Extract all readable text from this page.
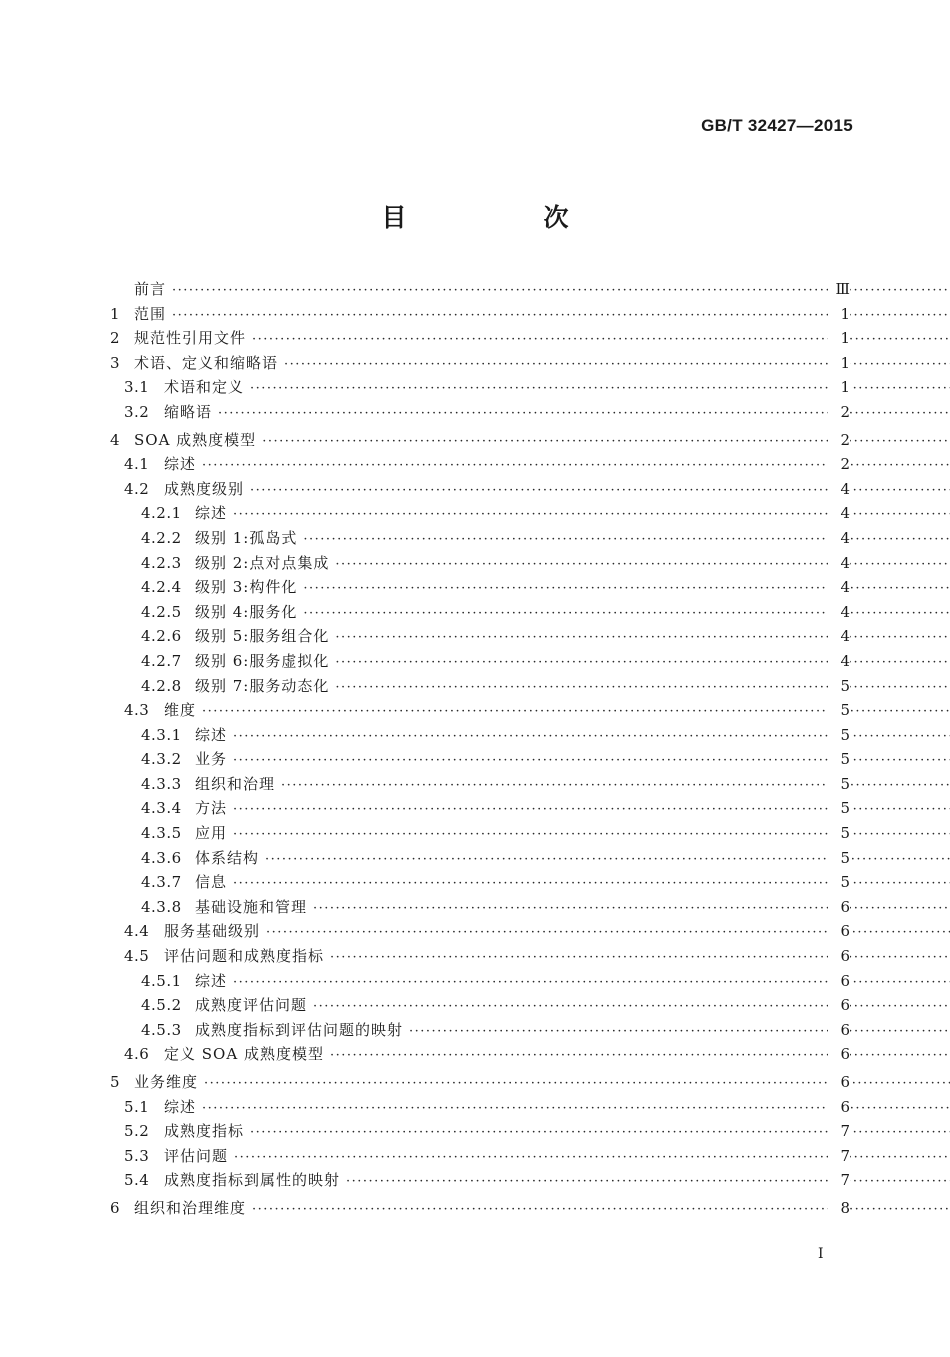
GB/T 32427—2015
目　次
前言 ·····	Ⅲ
1 范围 ·····	1
2 规范性引用文件 ·····	1
3 术语、定义和缩略语 ·····	1
3.1 术语和定义 ·····	1
3.2 缩略语 ·····	2
4 SOA 成熟度模型 ·····	2
4.1 综述 ·····	2
4.2 成熟度级别 ·····	4
4.2.1 综述 ·····	4
4.2.2 级别 1:孤岛式 ·····	4
4.2.3 级别 2:点对点集成 ·····	4
4.2.4 级别 3:构件化 ·····	4
4.2.5 级别 4:服务化 ·····	4
4.2.6 级别 5:服务组合化 ·····	4
4.2.7 级别 6:服务虚拟化 ·····	4
4.2.8 级别 7:服务动态化 ·····	5
4.3 维度 ·····	5
4.3.1 综述 ·····	5
4.3.2 业务 ·····	5
4.3.3 组织和治理 ·····	5
4.3.4 方法 ·····	5
4.3.5 应用 ·····	5
4.3.6 体系结构 ·····	5
4.3.7 信息 ·····	5
4.3.8 基础设施和管理 ·····	6
4.4 服务基础级别 ·····	6
4.5 评估问题和成熟度指标 ·····	6
4.5.1 综述 ·····	6
4.5.2 成熟度评估问题 ·····	6
4.5.3 成熟度指标到评估问题的映射 ·····	6
4.6 定义 SOA 成熟度模型 ·····	6
5 业务维度 ·····	6
5.1 综述 ·····	6
5.2 成熟度指标 ·····	7
5.3 评估问题 ·····	7
5.4 成熟度指标到属性的映射 ·····	7
6 组织和治理维度 ·····	8
I
